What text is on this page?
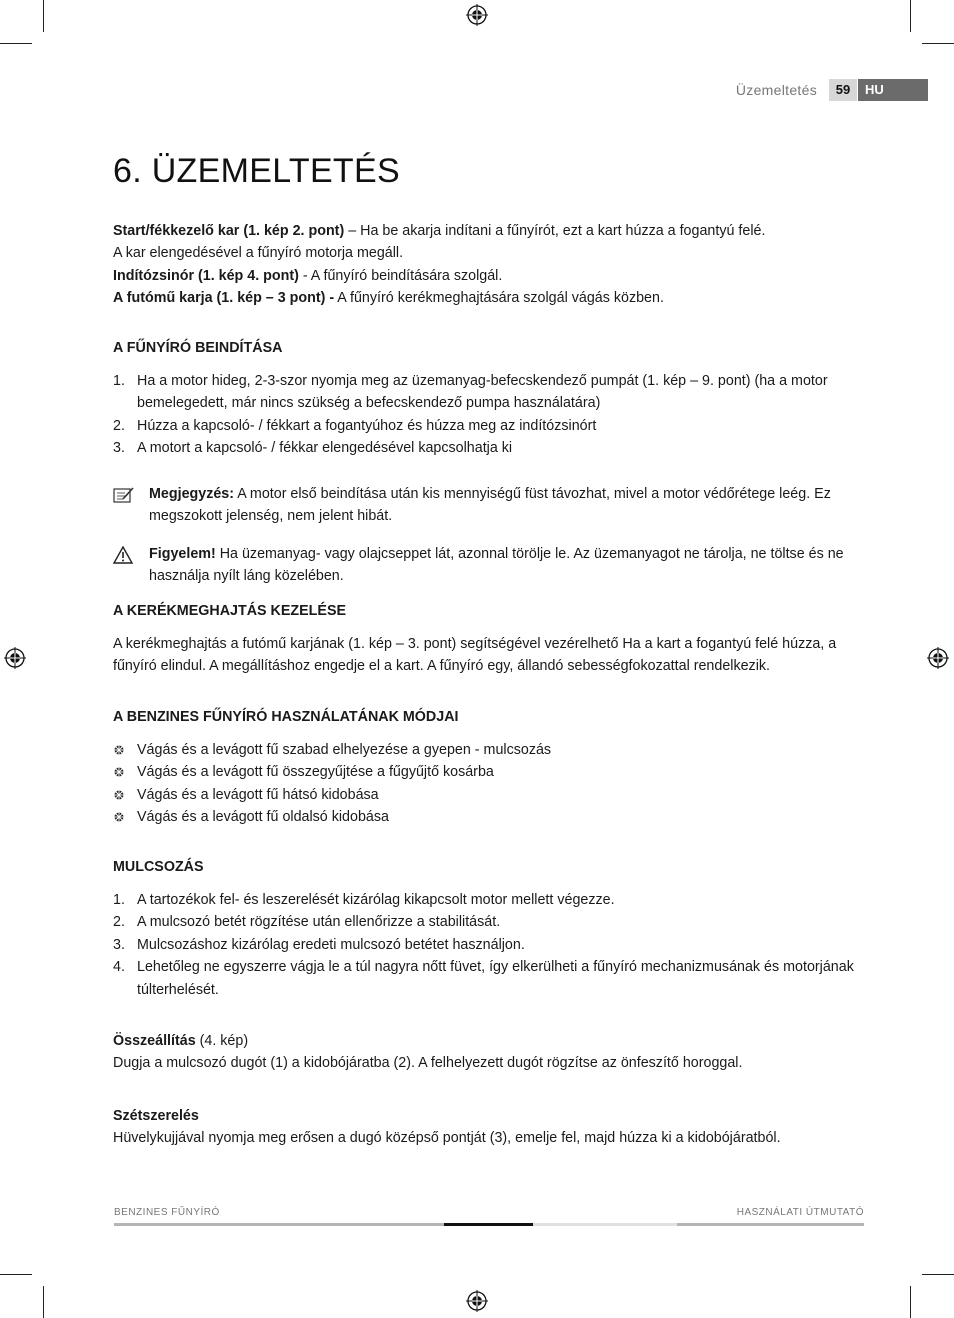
Üzemeltetés	59	HU
6. ÜZEMELTETÉS

Start/fékkezelő kar (1. kép 2. pont) – Ha be akarja indítani a fűnyírót, ezt a kart húzza a fogantyú felé.

A kar elengedésével a fűnyíró motorja megáll.

Indítózsinór (1. kép 4. pont) - A fűnyíró beindítására szolgál.

A futómű karja (1. kép – 3 pont) - A fűnyíró kerékmeghajtására szolgál vágás közben.

A FŰNYÍRÓ BEINDÍTÁSA
1. Ha a motor hideg, 2-3-szor nyomja meg az üzemanyag-befecskendező pumpát (1. kép – 9. pont) (ha a motor bemelegedett, már nincs szükség a befecskendező pumpa használatára)
2. Húzza a kapcsoló- / fékkart a fogantyúhoz és húzza meg az indítózsinórt
3. A motort a kapcsoló- / fékkar elengedésével kapcsolhatja ki
Megjegyzés: A motor első beindítása után kis mennyiségű füst távozhat, mivel a motor védőrétege leég. Ez megszokott jelenség, nem jelent hibát.
Figyelem! Ha üzemanyag- vagy olajcseppet lát, azonnal törölje le. Az üzemanyagot ne tárolja, ne töltse és ne használja nyílt láng közelében.
A KERÉKMEGHAJTÁS KEZELÉSE

A kerékmeghajtás a futómű karjának (1. kép – 3. pont) segítségével vezérelhető Ha a kart a fogantyú felé húzza, a fűnyíró elindul. A megállításhoz engedje el a kart. A fűnyíró egy, állandó sebességfokozattal rendelkezik.

A BENZINES FŰNYÍRÓ HASZNÁLATÁNAK MÓDJAI
Vágás és a levágott fű szabad elhelyezése a gyepen - mulcsozás
Vágás és a levágott fű összegyűjtése a fűgyűjtő kosárba
Vágás és a levágott fű hátsó kidobása
Vágás és a levágott fű oldalsó kidobása
MULCSOZÁS
1. A tartozékok fel- és leszerelését kizárólag kikapcsolt motor mellett végezze.
2. A mulcsozó betét rögzítése után ellenőrizze a stabilitását.
3. Mulcsozáshoz kizárólag eredeti mulcsozó betétet használjon.
4. Lehetőleg ne egyszerre vágja le a túl nagyra nőtt füvet, így elkerülheti a fűnyíró mechanizmusának és motorjának túlterhelését.

Összeállítás (4. kép)

Dugja a mulcsozó dugót (1) a kidobójáratba (2). A felhelyezett dugót rögzítse az önfeszítő horoggal.

Szétszerelés

Hüvelykujjával nyomja meg erősen a dugó középső pontját (3), emelje fel, majd húzza ki a kidobójáratból.

BENZINES FŰNYÍRÓ	HASZNÁLATI ÚTMUTATÓ
